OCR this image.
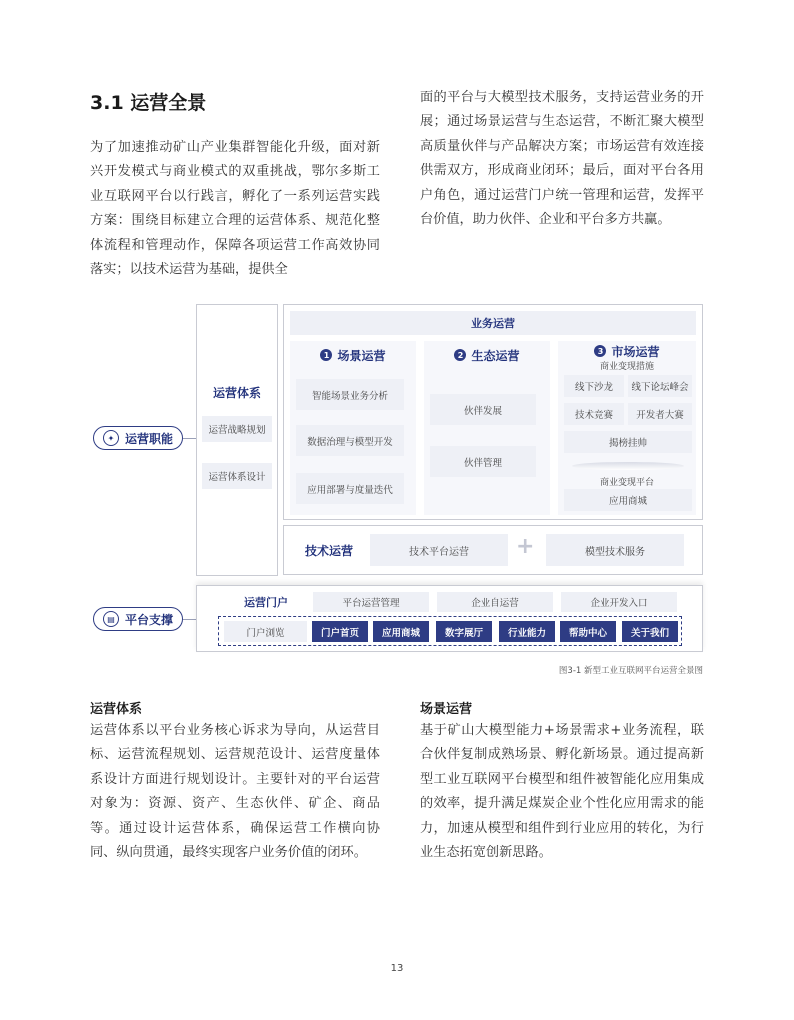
3.1 运营全景

为了加速推动矿山产业集群智能化升级，面对新兴开发模式与商业模式的双重挑战，鄂尔多斯工业互联网平台以行践言，孵化了一系列运营实践方案：围绕目标建立合理的运营体系、规范化整体流程和管理动作，保障各项运营工作高效协同落实；以技术运营为基础，提供全

面的平台与大模型技术服务，支持运营业务的开展；通过场景运营与生态运营，不断汇聚大模型高质量伙伴与产品解决方案；市场运营有效连接供需双方，形成商业闭环；最后，面对平台各用户角色，通过运营门户统一管理和运营，发挥平台价值，助力伙伴、企业和平台多方共赢。

✦ 运营职能
▤ 平台支撑
运营体系
运营战略规划
运营体系设计
业务运营
1 场景运营
智能场景业务分析
数据治理与模型开发
应用部署与度量迭代
2 生态运营
伙伴发展
伙伴管理
3 市场运营
商业变现措施
线下沙龙	线下论坛峰会
技术竞赛	开发者大赛
揭榜挂帅
商业变现平台
应用商城
技术运营	技术平台运营	+	模型技术服务
运营门户	平台运营管理	企业自运营	企业开发入口
门户浏览	门户首页	应用商城	数字展厅	行业能力	帮助中心	关于我们
图3-1 新型工业互联网平台运营全景图
运营体系

运营体系以平台业务核心诉求为导向，从运营目标、运营流程规划、运营规范设计、运营度量体系设计方面进行规划设计。主要针对的平台运营对象为：资源、资产、生态伙伴、矿企、商品等。通过设计运营体系，确保运营工作横向协同、纵向贯通，最终实现客户业务价值的闭环。

场景运营

基于矿山大模型能力+场景需求+业务流程，联合伙伴复制成熟场景、孵化新场景。通过提高新型工业互联网平台模型和组件被智能化应用集成的效率，提升满足煤炭企业个性化应用需求的能力，加速从模型和组件到行业应用的转化，为行业生态拓宽创新思路。

13
